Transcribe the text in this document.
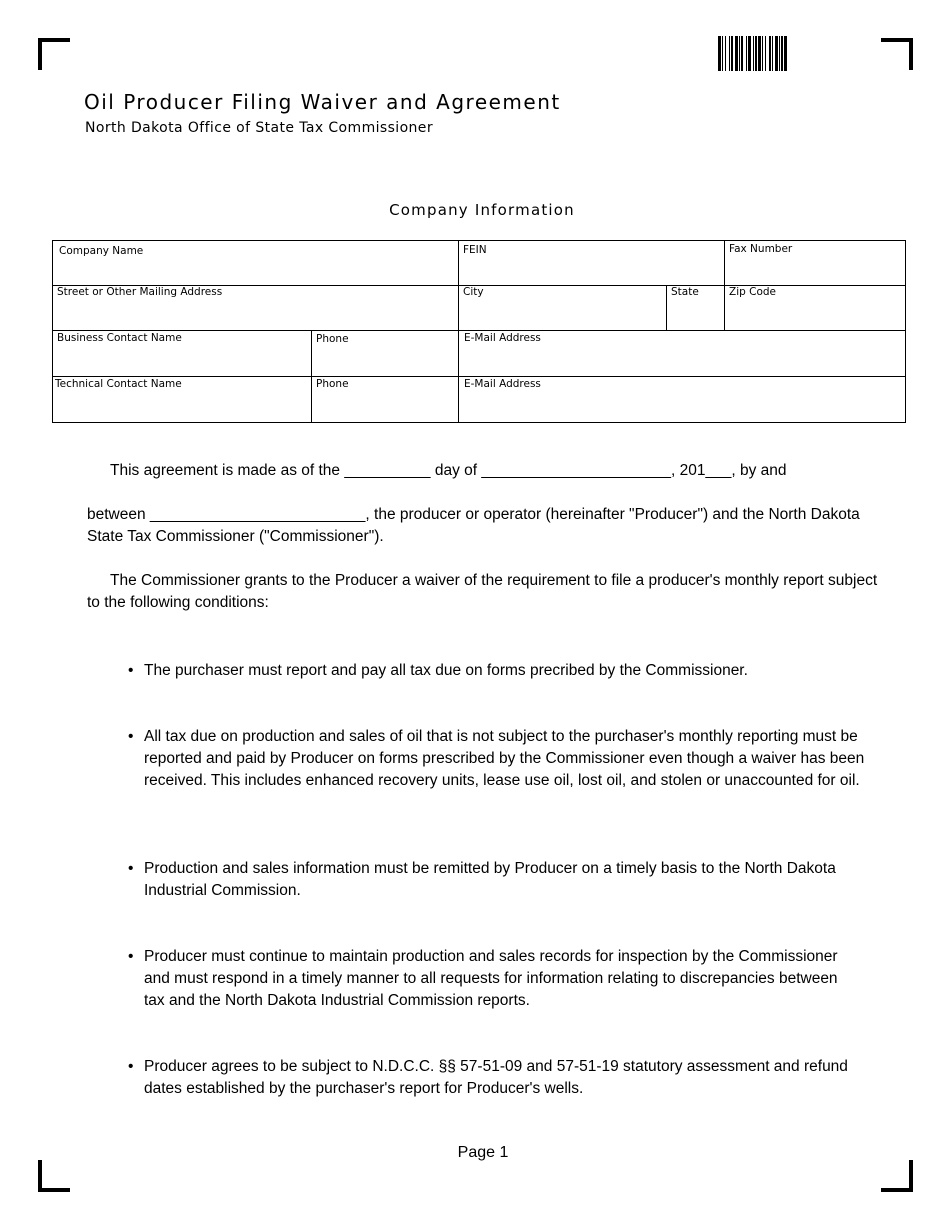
Oil Producer Filing Waiver and Agreement
North Dakota Office of State Tax Commissioner
Company Information
Company Name	FEIN	Fax Number
Street or Other Mailing Address	City	State	Zip Code
Business Contact Name	Phone	E-Mail Address
Technical Contact Name	Phone	E-Mail Address
This agreement is made as of the __________ day of ______________________, 201___, by and
between _________________________, the producer or operator (hereinafter "Producer") and the North Dakota State Tax Commissioner ("Commissioner").
The Commissioner grants to the Producer a waiver of the requirement to file a producer's monthly report subject to the following conditions:
• The purchaser must report and pay all tax due on forms precribed by the Commissioner.
• All tax due on production and sales of oil that is not subject to the purchaser's monthly reporting must be reported and paid by Producer on forms prescribed by the Commissioner even though a waiver has been received. This includes enhanced recovery units, lease use oil, lost oil, and stolen or unaccounted for oil.
• Production and sales information must be remitted by Producer on a timely basis to the North Dakota Industrial Commission.
• Producer must continue to maintain production and sales records for inspection by the Commissioner and must respond in a timely manner to all requests for information relating to discrepancies between tax and the North Dakota Industrial Commission reports.
• Producer agrees to be subject to N.D.C.C. §§ 57-51-09 and 57-51-19 statutory assessment and refund dates established by the purchaser's report for Producer's wells.
Page 1
